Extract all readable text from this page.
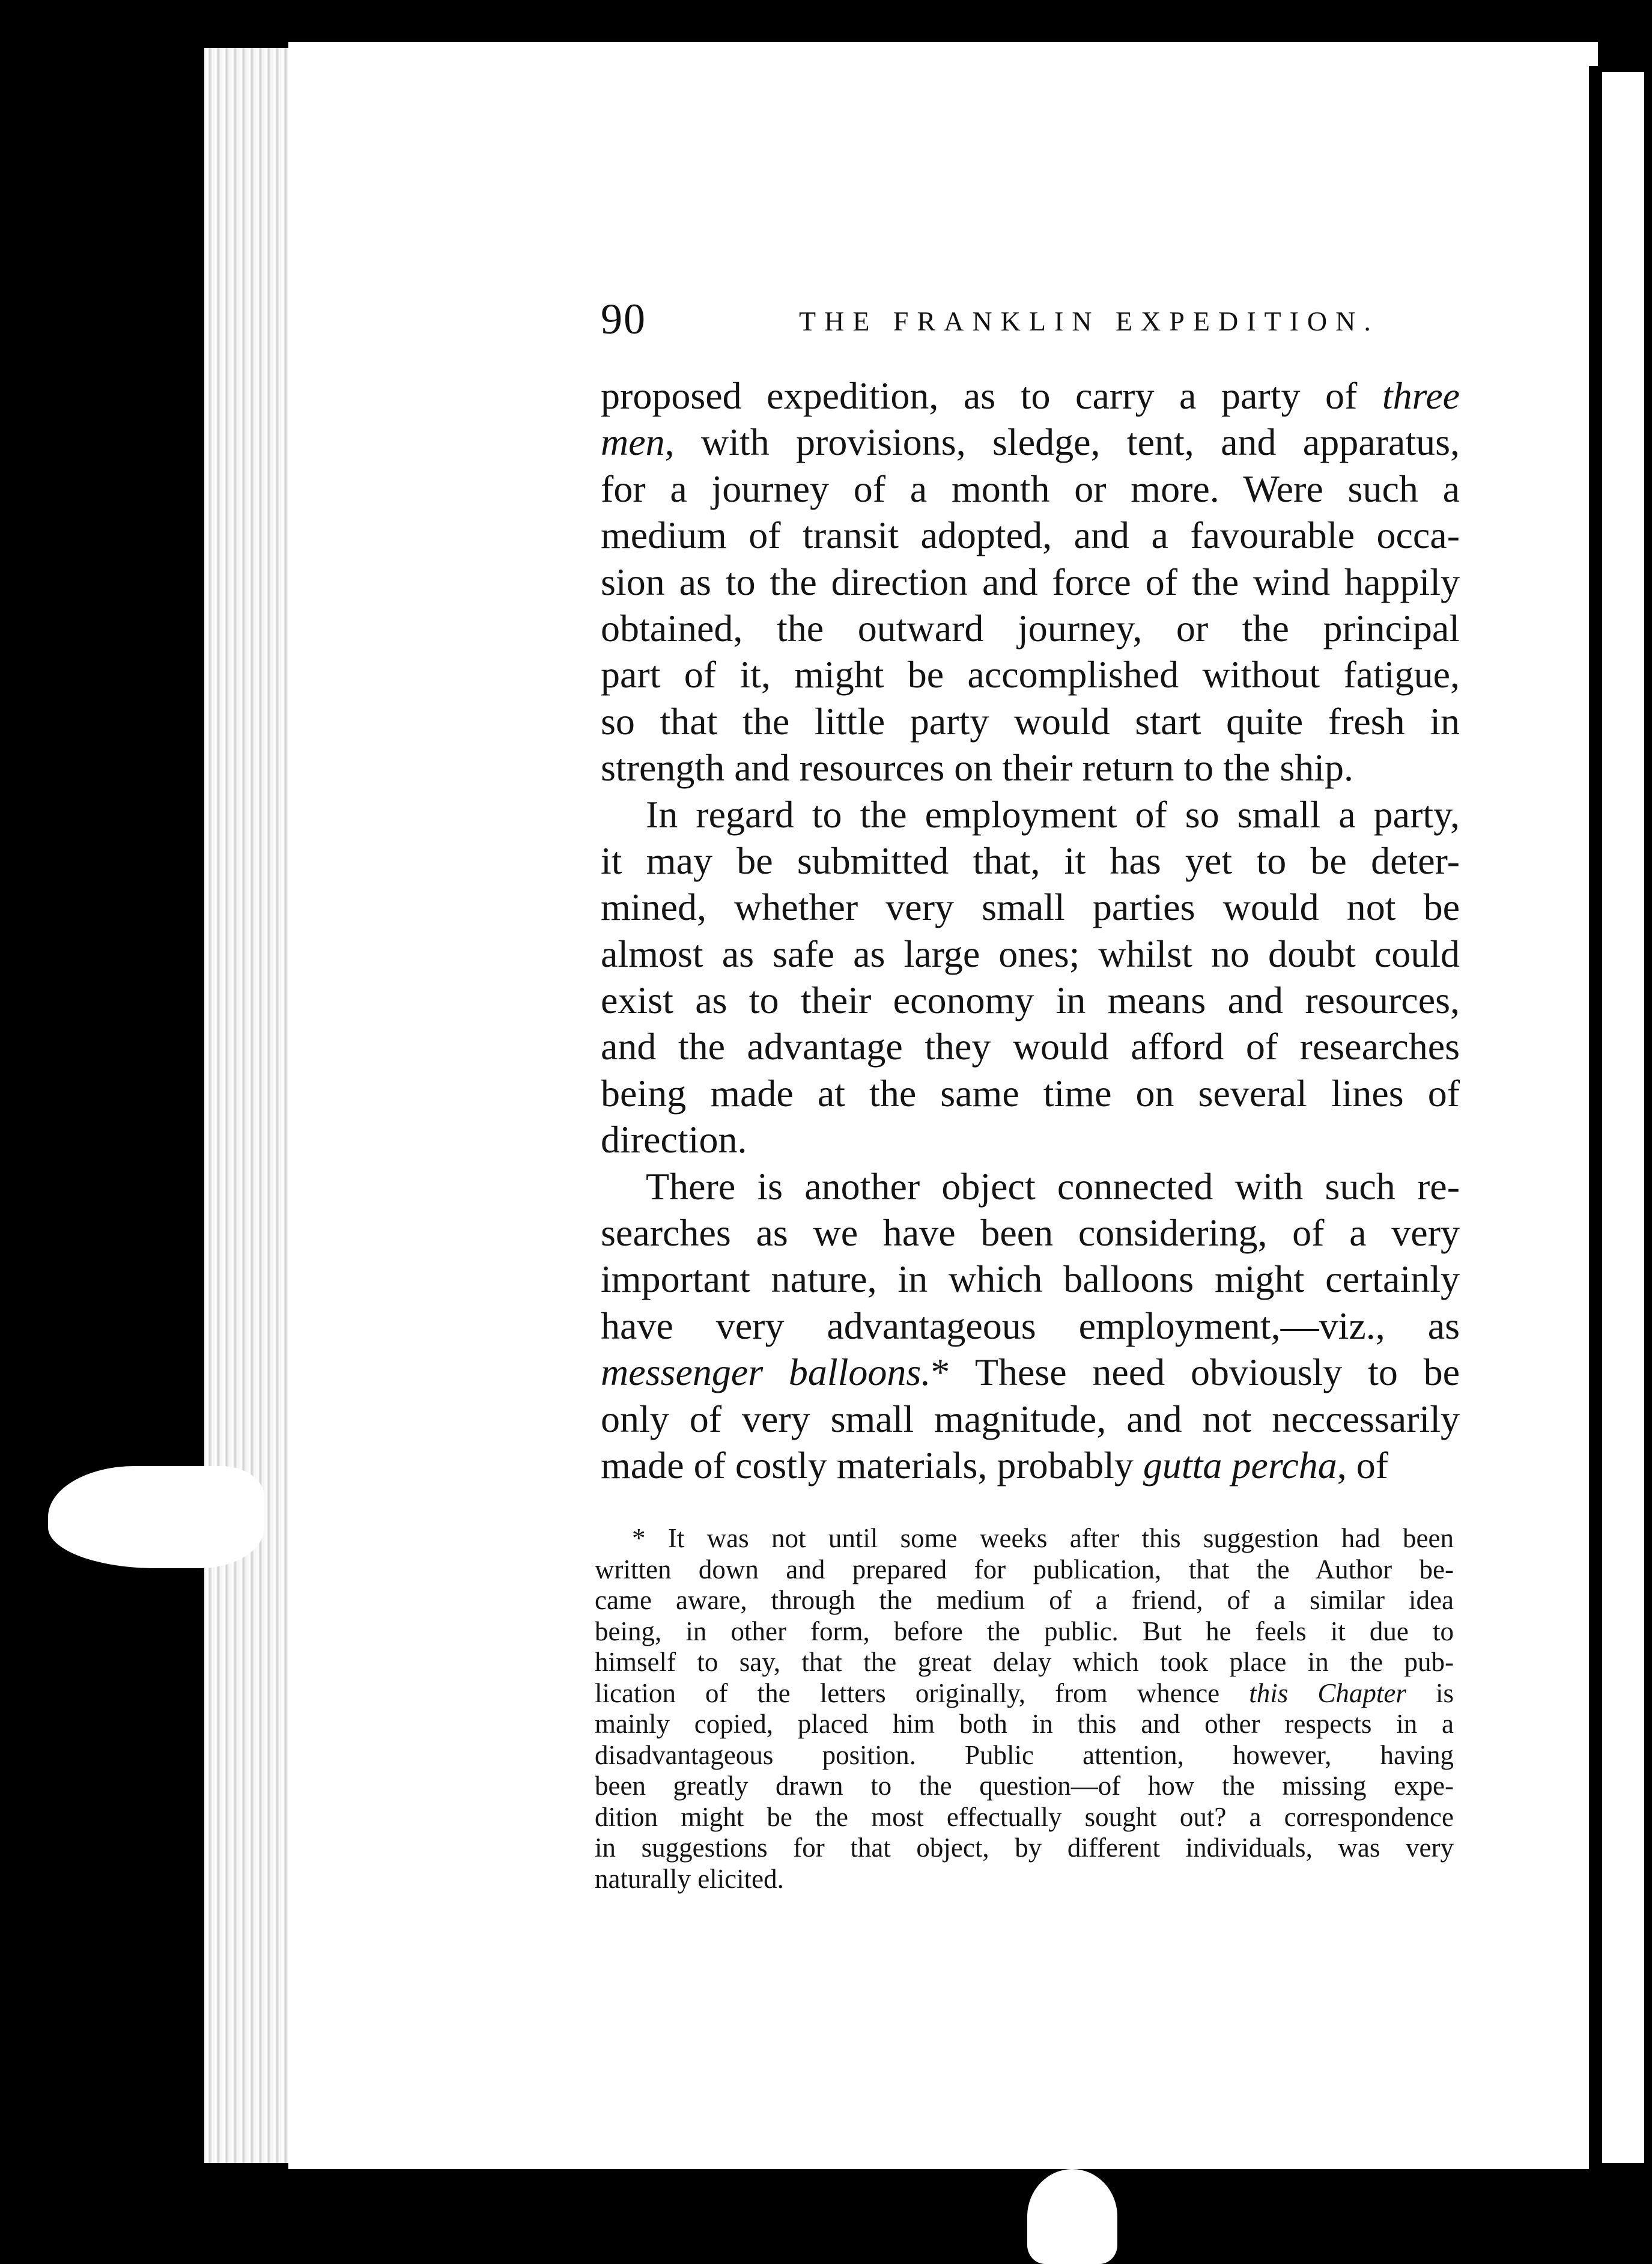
90	THE FRANKLIN EXPEDITION.
proposed expedition, as to carry a party of three
men, with provisions, sledge, tent, and apparatus,
for a journey of a month or more. Were such a
medium of transit adopted, and a favourable occa-
sion as to the direction and force of the wind happily
obtained, the outward journey, or the principal
part of it, might be accomplished without fatigue,
so that the little party would start quite fresh in
strength and resources on their return to the ship.
In regard to the employment of so small a party,
it may be submitted that, it has yet to be deter-
mined, whether very small parties would not be
almost as safe as large ones; whilst no doubt could
exist as to their economy in means and resources,
and the advantage they would afford of researches
being made at the same time on several lines of
direction.
There is another object connected with such re-
searches as we have been considering, of a very
important nature, in which balloons might certainly
have very advantageous employment,—viz., as
messenger balloons.* These need obviously to be
only of very small magnitude, and not neccessarily
made of costly materials, probably gutta percha, of
* It was not until some weeks after this suggestion had been
written down and prepared for publication, that the Author be-
came aware, through the medium of a friend, of a similar idea
being, in other form, before the public. But he feels it due to
himself to say, that the great delay which took place in the pub-
lication of the letters originally, from whence this Chapter is
mainly copied, placed him both in this and other respects in a
disadvantageous position. Public attention, however, having
been greatly drawn to the question—of how the missing expe-
dition might be the most effectually sought out? a correspondence
in suggestions for that object, by different individuals, was very
naturally elicited.
